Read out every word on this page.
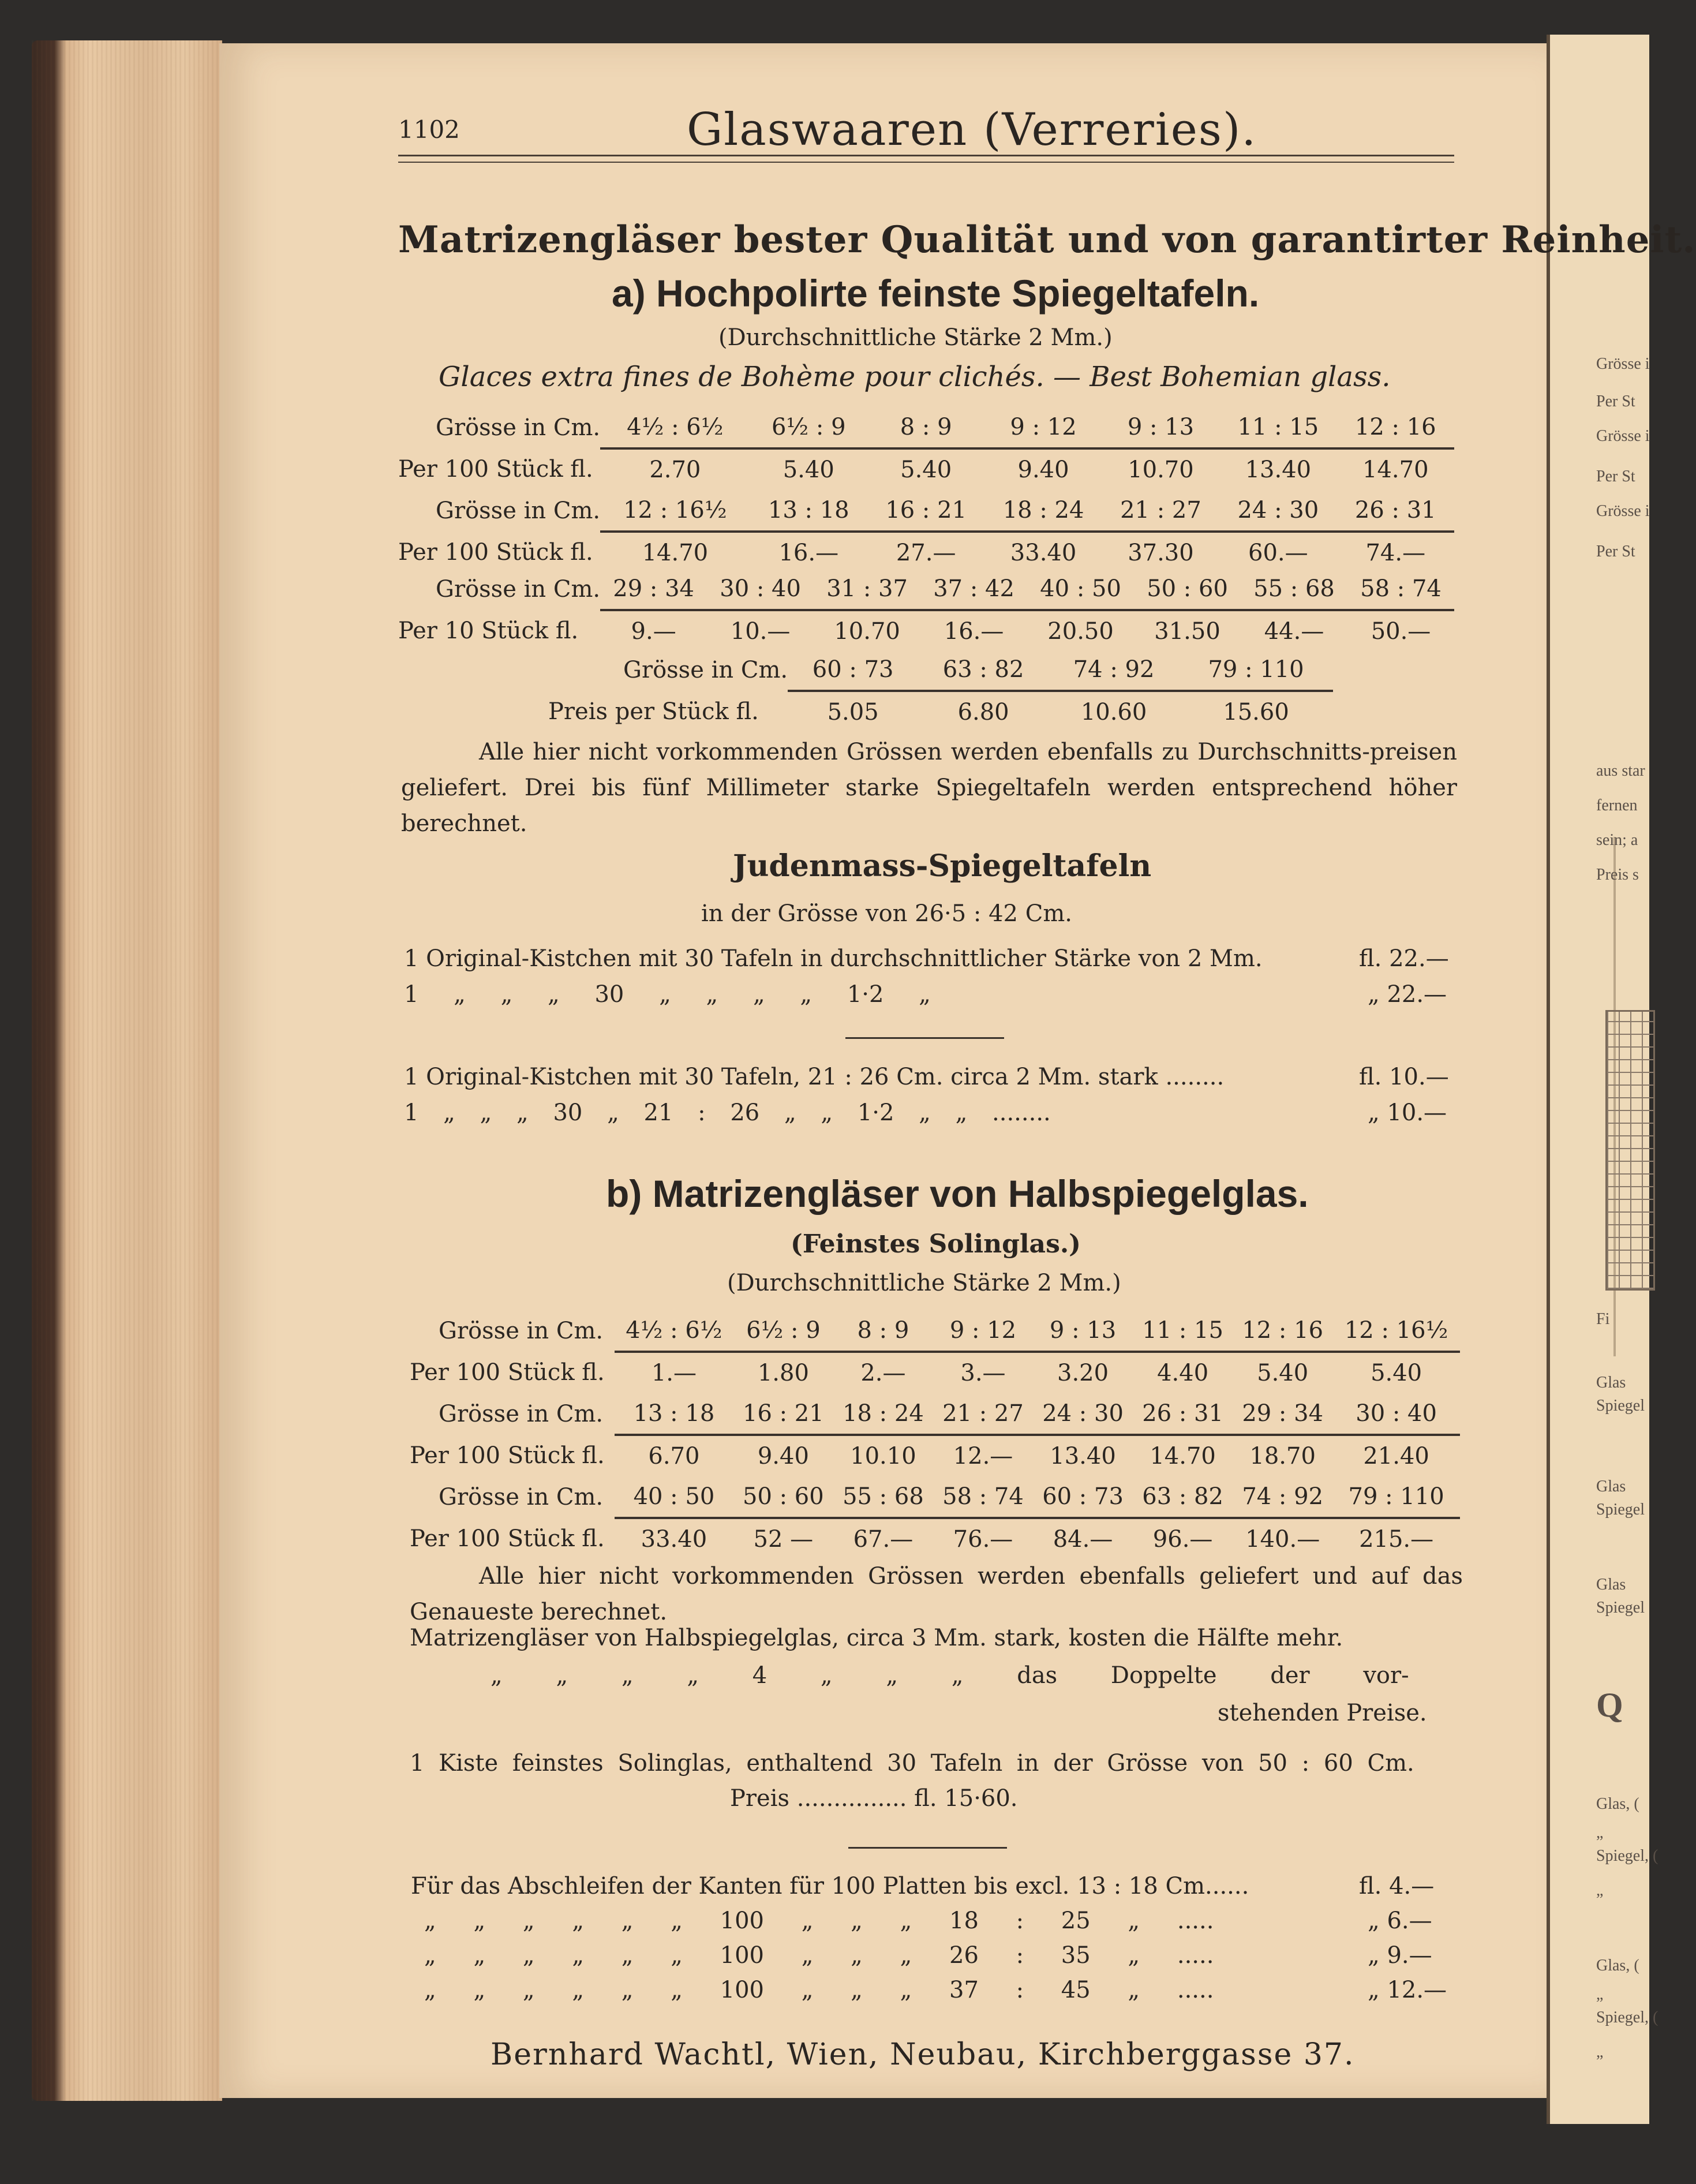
Grösse i
Per St
Grösse i
Per St
Grösse i
Per St
aus star
fernen
sein; a
Preis s
Fi
Glas
Spiegel
Glas
Spiegel
Glas
Spiegel
Q
Glas, (
„
Spiegel, (
„
Glas, (
„
Spiegel, (
„
1102	Glaswaaren (Verreries).
Matrizengläser bester Qualität und von garantirter Reinheit.
a) Hochpolirte feinste Spiegeltafeln.
(Durchschnittliche Stärke 2 Mm.)
Glaces extra fines de Bohème pour clichés. — Best Bohemian glass.
Grösse in Cm.	4½ : 6½	6½ : 9	8 : 9	9 : 12	9 : 13	11 : 15	12 : 16
Per 100 Stück fl.	2.70	5.40	5.40	9.40	10.70	13.40	14.70
Grösse in Cm.	12 : 16½	13 : 18	16 : 21	18 : 24	21 : 27	24 : 30	26 : 31
Per 100 Stück fl.	14.70	16.—	27.—	33.40	37.30	60.—	74.—
Grösse in Cm.	29 : 34	30 : 40	31 : 37	37 : 42	40 : 50	50 : 60	55 : 68	58 : 74
Per 10 Stück fl.	9.—	10.—	10.70	16.—	20.50	31.50	44.—	50.—
Grösse in Cm.	60 : 73	63 : 82	74 : 92	79 : 110
Preis per Stück fl.	5.05	6.80	10.60	15.60
Alle hier nicht vorkommenden Grössen werden ebenfalls zu Durchschnitts-preisen geliefert. Drei bis fünf Millimeter starke Spiegeltafeln werden entsprechend höher berechnet.
Judenmass-Spiegeltafeln
in der Grösse von 26·5 : 42 Cm.
1 Original-Kistchen mit 30 Tafeln in durchschnittlicher Stärke von 2 Mm.	fl. 22.—
1 „ „ „ 30 „ „ „ „ 1·2 „	„ 22.—
1 Original-Kistchen mit 30 Tafeln, 21 : 26 Cm. circa 2 Mm. stark ........	fl. 10.—
1 „ „ „ 30 „ 21 : 26 „ „ 1·2 „ „ ........	„ 10.—
b) Matrizengläser von Halbspiegelglas.
(Feinstes Solinglas.)
(Durchschnittliche Stärke 2 Mm.)
Grösse in Cm.	4½ : 6½	6½ : 9	8 : 9	9 : 12	9 : 13	11 : 15	12 : 16	12 : 16½
Per 100 Stück fl.	1.—	1.80	2.—	3.—	3.20	4.40	5.40	5.40
Grösse in Cm.	13 : 18	16 : 21	18 : 24	21 : 27	24 : 30	26 : 31	29 : 34	30 : 40
Per 100 Stück fl.	6.70	9.40	10.10	12.—	13.40	14.70	18.70	21.40
Grösse in Cm.	40 : 50	50 : 60	55 : 68	58 : 74	60 : 73	63 : 82	74 : 92	79 : 110
Per 100 Stück fl.	33.40	52 —	67.—	76.—	84.—	96.—	140.—	215.—
Alle hier nicht vorkommenden Grössen werden ebenfalls geliefert und auf das Genaueste berechnet.
Matrizengläser von Halbspiegelglas, circa 3 Mm. stark, kosten die Hälfte mehr.
„ „ „ „ 4 „ „ „ das Doppelte der vor-
stehenden Preise.
1 Kiste feinstes Solinglas, enthaltend 30 Tafeln in der Grösse von 50 : 60 Cm.
Preis ............... fl. 15·60.
Für das Abschleifen der Kanten für 100 Platten bis excl. 13 : 18 Cm......	fl. 4.—
„ „ „ „ „ „ 100 „ „ „ 18 : 25 „ .....	„ 6.—
„ „ „ „ „ „ 100 „ „ „ 26 : 35 „ .....	„ 9.—
„ „ „ „ „ „ 100 „ „ „ 37 : 45 „ .....	„ 12.—
Bernhard Wachtl, Wien, Neubau, Kirchberggasse 37.
